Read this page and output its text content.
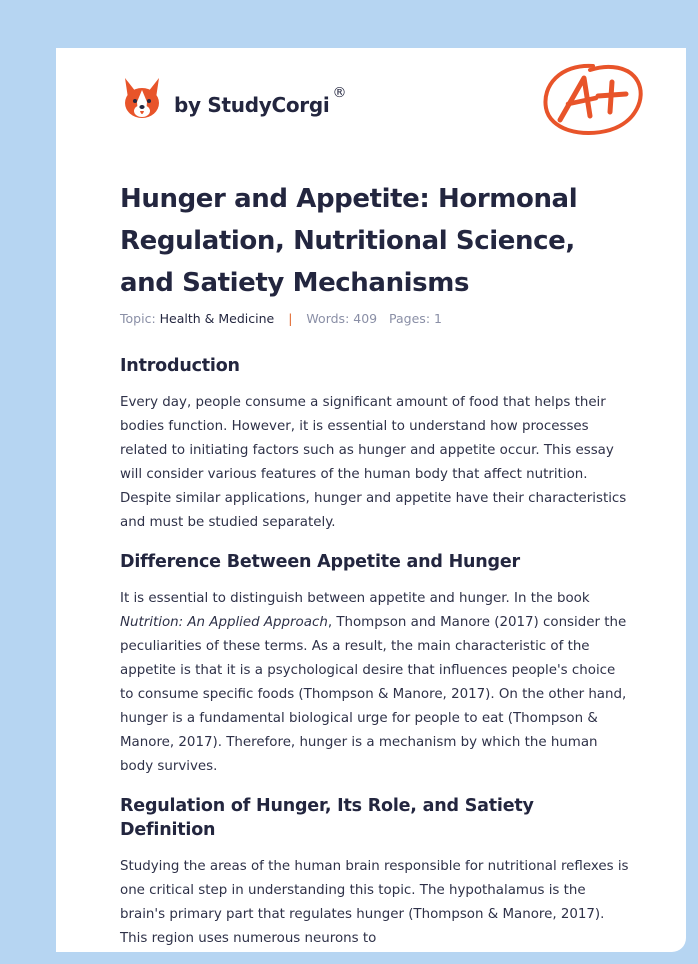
by StudyCorgi ®
Hunger and Appetite: Hormonal Regulation, Nutritional Science, and Satiety Mechanisms
Topic: Health & Medicine | Words: 409 Pages: 1
Introduction

Every day, people consume a significant amount of food that helps their bodies function. However, it is essential to understand how processes related to initiating factors such as hunger and appetite occur. This essay will consider various features of the human body that affect nutrition. Despite similar applications, hunger and appetite have their characteristics and must be studied separately.

Difference Between Appetite and Hunger

It is essential to distinguish between appetite and hunger. In the book Nutrition: An Applied Approach, Thompson and Manore (2017) consider the peculiarities of these terms. As a result, the main characteristic of the appetite is that it is a psychological desire that influences people's choice to consume specific foods (Thompson & Manore, 2017). On the other hand, hunger is a fundamental biological urge for people to eat (Thompson & Manore, 2017). Therefore, hunger is a mechanism by which the human body survives.

Regulation of Hunger, Its Role, and Satiety Definition

Studying the areas of the human brain responsible for nutritional reflexes is one critical step in understanding this topic. The hypothalamus is the brain's primary part that regulates hunger (Thompson & Manore, 2017). This region uses numerous neurons to
